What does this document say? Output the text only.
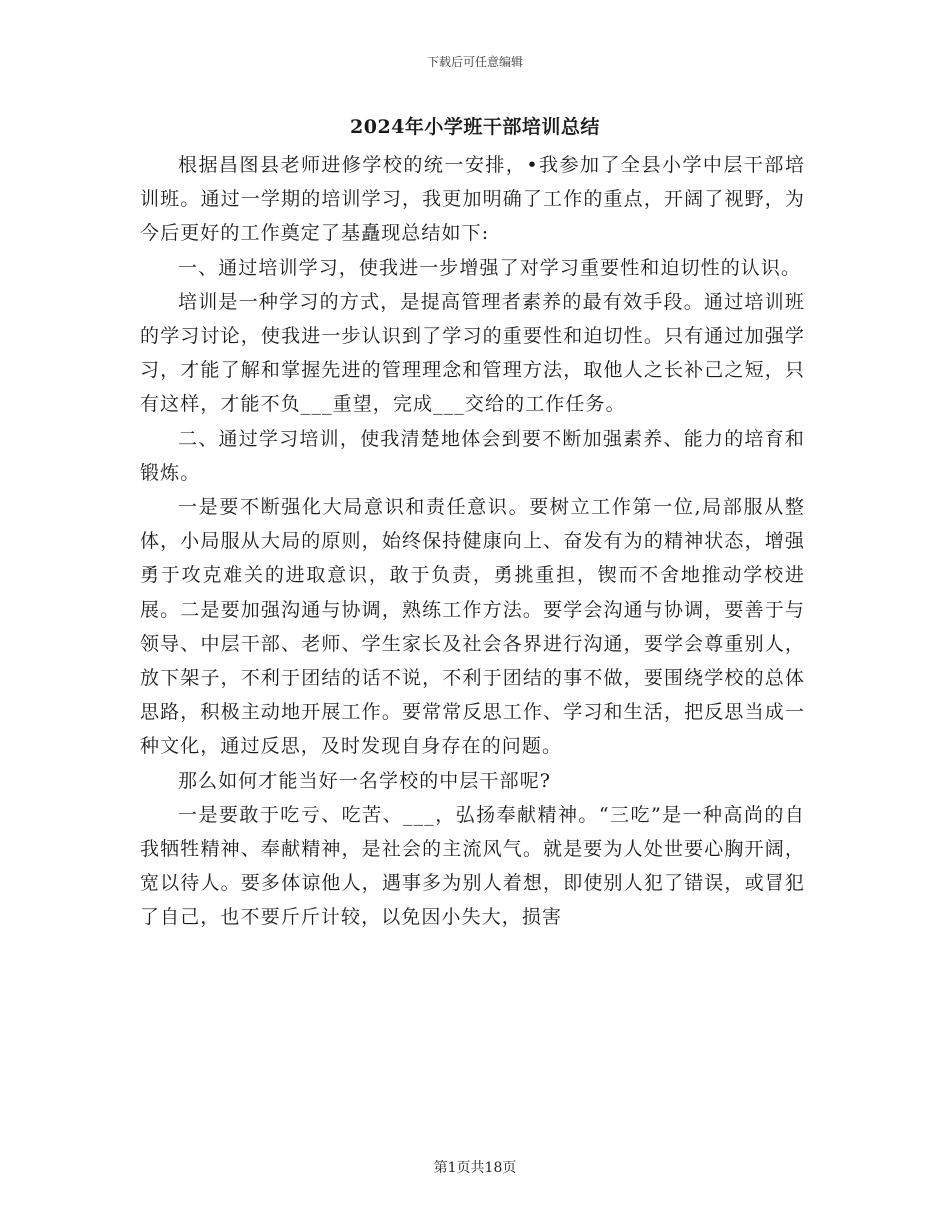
下载后可任意编辑
2024年小学班干部培训总结

根据昌图县老师进修学校的统一安排，•我参加了全县小学中层干部培训班。通过一学期的培训学习，我更加明确了工作的重点，开阔了视野，为今后更好的工作奠定了基矗现总结如下:

一、通过培训学习，使我进一步增强了对学习重要性和迫切性的认识。

培训是一种学习的方式，是提高管理者素养的最有效手段。通过培训班的学习讨论，使我进一步认识到了学习的重要性和迫切性。只有通过加强学习，才能了解和掌握先进的管理理念和管理方法，取他人之长补己之短，只有这样，才能不负___重望，完成___交给的工作任务。

二、通过学习培训，使我清楚地体会到要不断加强素养、能力的培育和锻炼。

一是要不断强化大局意识和责任意识。要树立工作第一位,局部服从整体，小局服从大局的原则，始终保持健康向上、奋发有为的精神状态，增强勇于攻克难关的进取意识，敢于负责，勇挑重担，锲而不舍地推动学校进展。二是要加强沟通与协调，熟练工作方法。要学会沟通与协调，要善于与领导、中层干部、老师、学生家长及社会各界进行沟通，要学会尊重别人，放下架子，不利于团结的话不说，不利于团结的事不做，要围绕学校的总体思路，积极主动地开展工作。要常常反思工作、学习和生活，把反思当成一种文化，通过反思，及时发现自身存在的问题。

那么如何才能当好一名学校的中层干部呢?

一是要敢于吃亏、吃苦、___，弘扬奉献精神。“三吃”是一种高尚的自我牺牲精神、奉献精神，是社会的主流风气。就是要为人处世要心胸开阔，宽以待人。要多体谅他人，遇事多为别人着想，即使别人犯了错误，或冒犯了自己，也不要斤斤计较，以免因小失大，损害

第1页共18页
